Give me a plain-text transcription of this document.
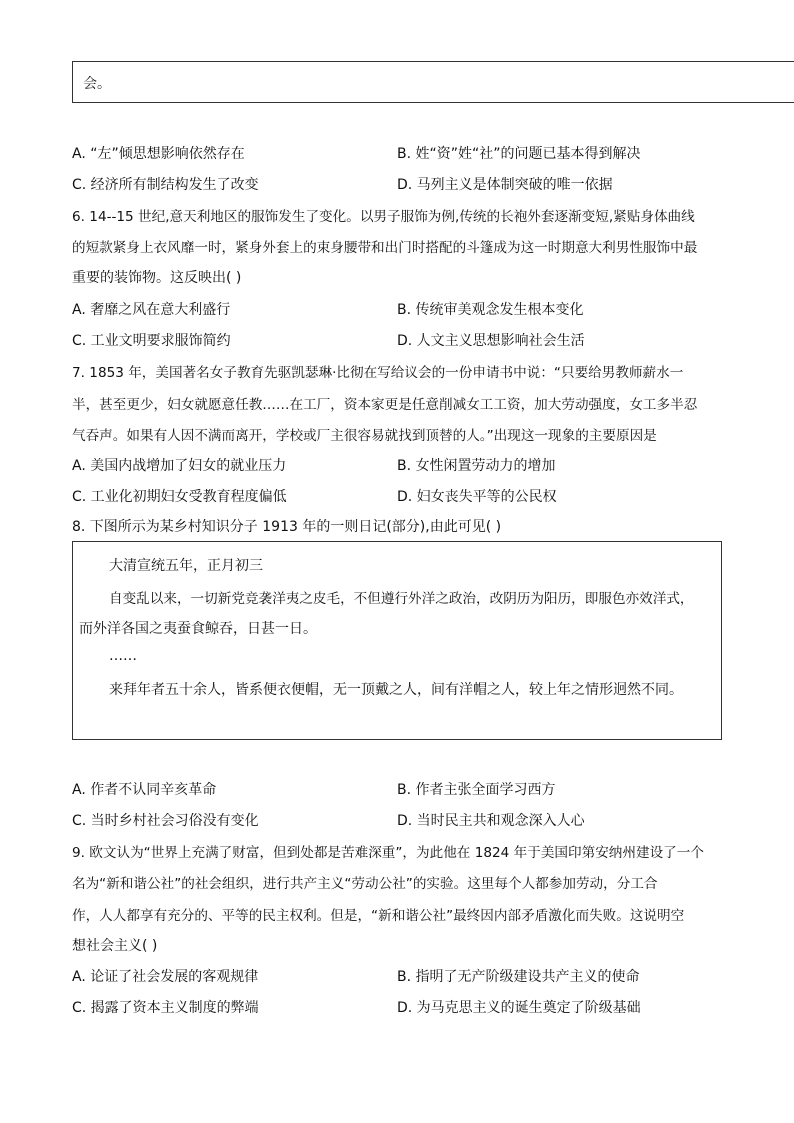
会。
A. “左”倾思想影响依然存在	B. 姓“资”姓“社”的问题已基本得到解决
C. 经济所有制结构发生了改变	D. 马列主义是体制突破的唯一依据
6. 14--15 世纪,意天利地区的服饰发生了变化。以男子服饰为例,传统的长袍外套逐渐变短,紧贴身体曲线
的短款紧身上衣风靡一时，紧身外套上的束身腰带和出门时搭配的斗篷成为这一时期意大利男性服饰中最
重要的装饰物。这反映出( )
A. 奢靡之风在意大利盛行	B. 传统审美观念发生根本变化
C. 工业文明要求服饰简约	D. 人文主义思想影响社会生活
7. 1853 年，美国著名女子教育先驱凯瑟琳·比彻在写给议会的一份申请书中说：“只要给男教师薪水一
半，甚至更少，妇女就愿意任教……在工厂，资本家更是任意削减女工工资，加大劳动强度，女工多半忍
气吞声。如果有人因不满而离开，学校或厂主很容易就找到顶替的人。”出现这一现象的主要原因是
A. 美国内战增加了妇女的就业压力	B. 女性闲置劳动力的增加
C. 工业化初期妇女受教育程度偏低	D. 妇女丧失平等的公民权
8. 下图所示为某乡村知识分子 1913 年的一则日记(部分),由此可见( )
大清宣统五年，正月初三
自变乱以来，一切新党竞袭洋夷之皮毛，不但遵行外洋之政治，改阴历为阳历，即服色亦效洋式，
而外洋各国之夷蚕食鲸吞，日甚一日。
……
来拜年者五十余人，皆系便衣便帽，无一顶戴之人，间有洋帽之人，较上年之情形迥然不同。
A. 作者不认同辛亥革命	B. 作者主张全面学习西方
C. 当时乡村社会习俗没有变化	D. 当时民主共和观念深入人心
9. 欧文认为“世界上充满了财富，但到处都是苦难深重”，为此他在 1824 年于美国印第安纳州建设了一个
名为“新和谐公社”的社会组织，进行共产主义“劳动公社”的实验。这里每个人都参加劳动，分工合
作，人人都享有充分的、平等的民主权利。但是，“新和谐公社”最终因内部矛盾激化而失败。这说明空
想社会主义( )
A. 论证了社会发展的客观规律	B. 指明了无产阶级建设共产主义的使命
C. 揭露了资本主义制度的弊端	D. 为马克思主义的诞生奠定了阶级基础
